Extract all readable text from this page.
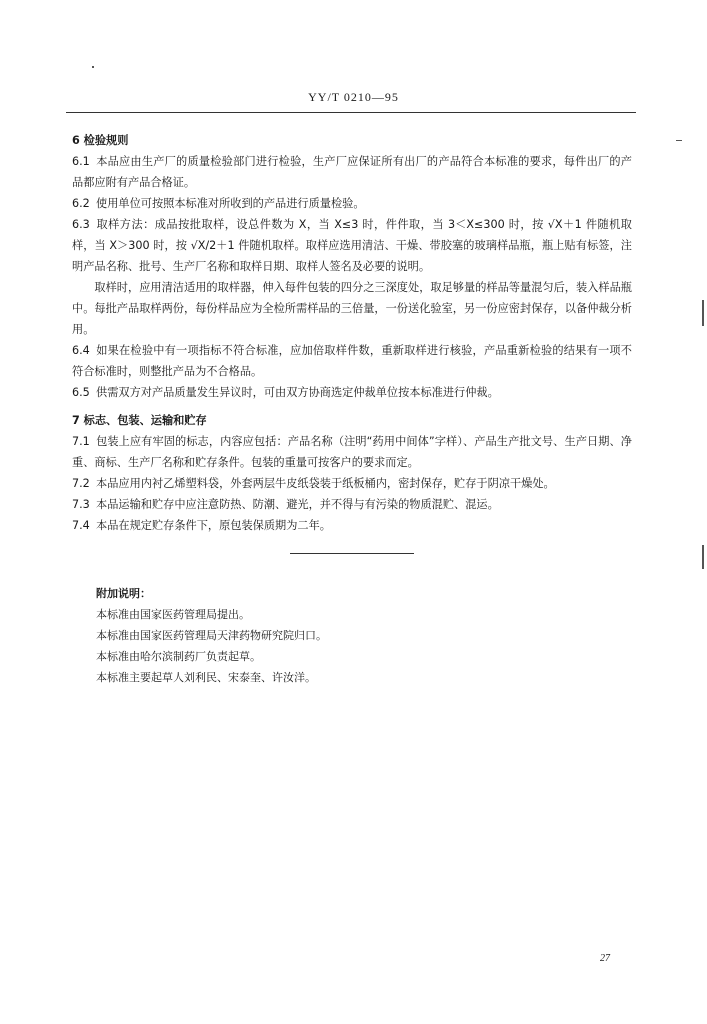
YY/T 0210—95
6 检验规则
6.1 本品应由生产厂的质量检验部门进行检验，生产厂应保证所有出厂的产品符合本标准的要求，每件出厂的产品都应附有产品合格证。
6.2 使用单位可按照本标准对所收到的产品进行质量检验。
6.3 取样方法：成品按批取样，设总件数为 X，当 X≤3 时，件件取，当 3＜X≤300 时，按 √X＋1 件随机取样，当 X＞300 时，按 √X/2＋1 件随机取样。取样应选用清洁、干燥、带胶塞的玻璃样品瓶，瓶上贴有标签，注明产品名称、批号、生产厂名称和取样日期、取样人签名及必要的说明。
取样时，应用清洁适用的取样器，伸入每件包装的四分之三深度处，取足够量的样品等量混匀后，装入样品瓶中。每批产品取样两份，每份样品应为全检所需样品的三倍量，一份送化验室，另一份应密封保存，以备仲裁分析用。
6.4 如果在检验中有一项指标不符合标准，应加倍取样件数，重新取样进行核验，产品重新检验的结果有一项不符合标准时，则整批产品为不合格品。
6.5 供需双方对产品质量发生异议时，可由双方协商选定仲裁单位按本标准进行仲裁。
7 标志、包装、运输和贮存
7.1 包装上应有牢固的标志，内容应包括：产品名称（注明“药用中间体”字样）、产品生产批文号、生产日期、净重、商标、生产厂名称和贮存条件。包装的重量可按客户的要求而定。
7.2 本品应用内衬乙烯塑料袋，外套两层牛皮纸袋装于纸板桶内，密封保存，贮存于阴凉干燥处。
7.3 本品运输和贮存中应注意防热、防潮、避光，并不得与有污染的物质混贮、混运。
7.4 本品在规定贮存条件下，原包装保质期为二年。
附加说明：
本标准由国家医药管理局提出。
本标准由国家医药管理局天津药物研究院归口。
本标准由哈尔滨制药厂负责起草。
本标准主要起草人刘利民、宋泰奎、许汝洋。
27
